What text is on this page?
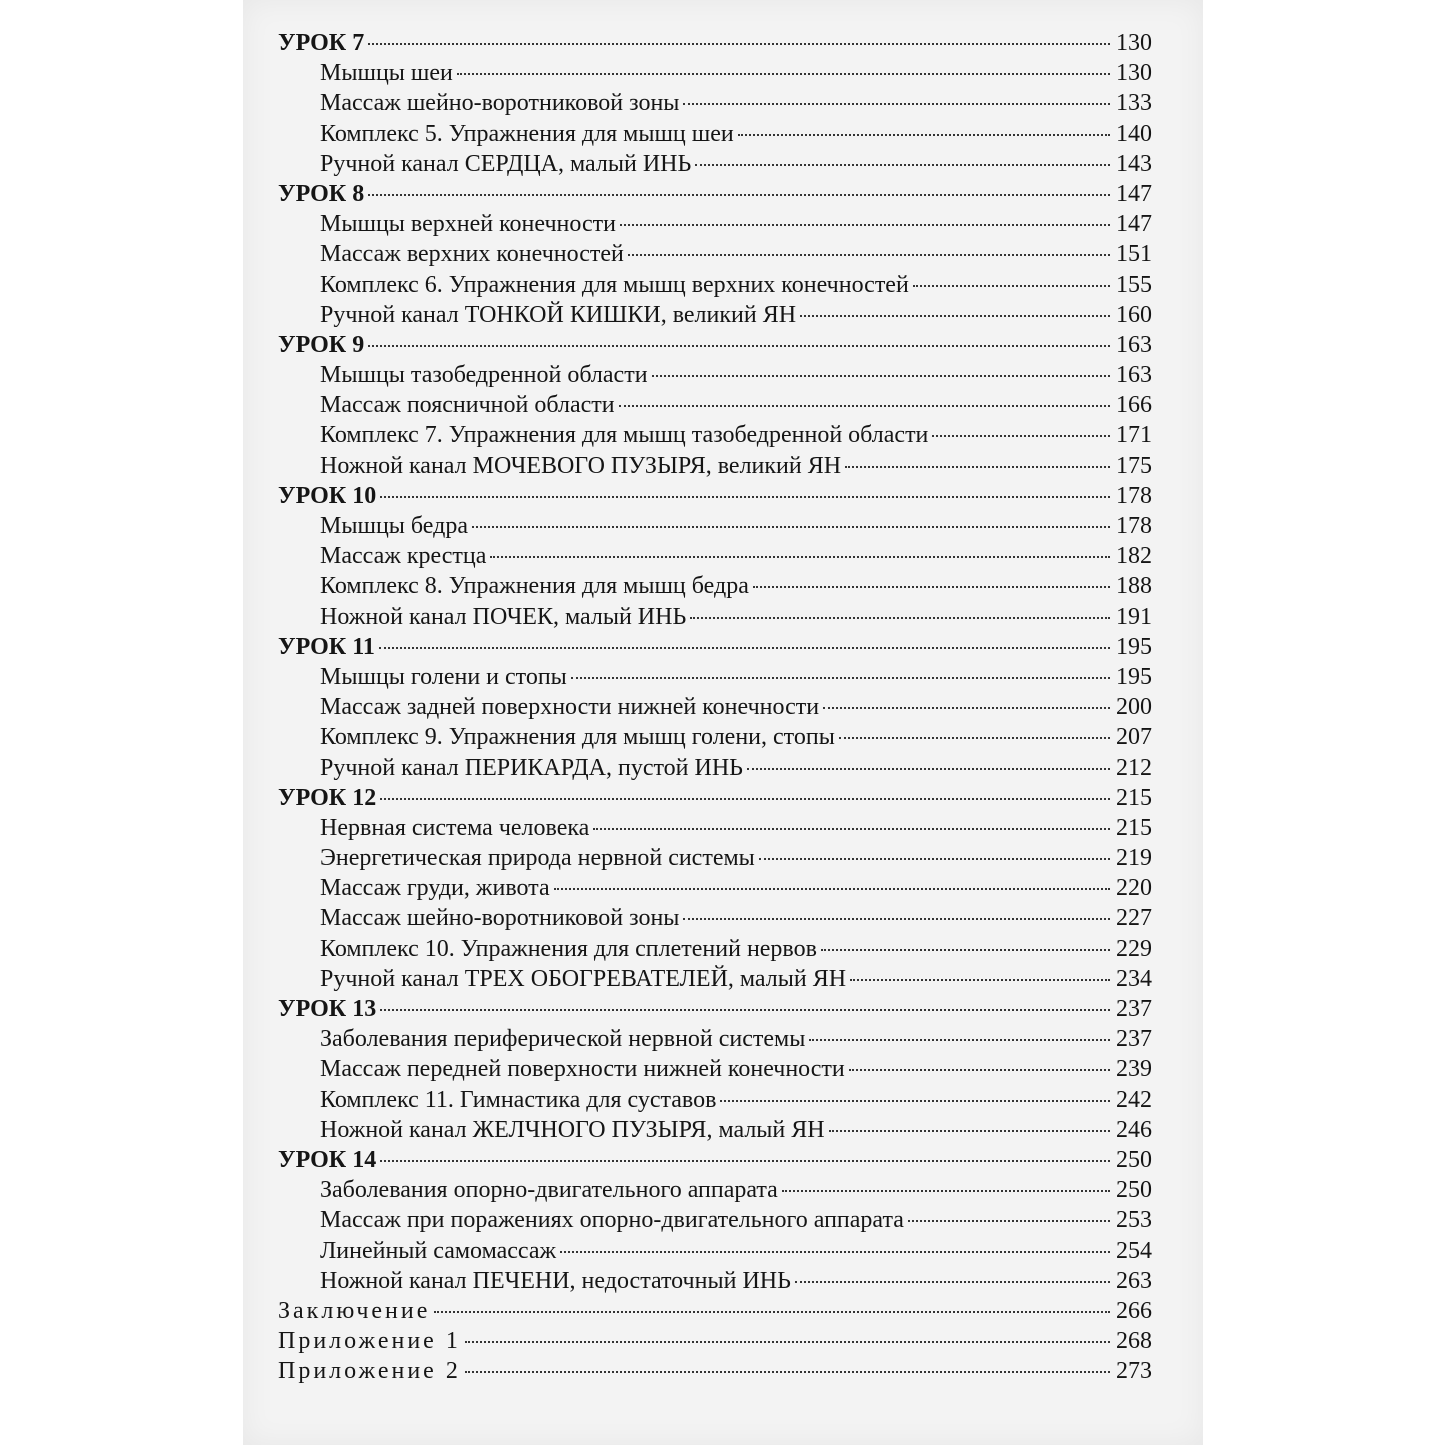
УРОК 7	130
Мышцы шеи	130
Массаж шейно-воротниковой зоны	133
Комплекс 5. Упражнения для мышц шеи	140
Ручной канал СЕРДЦА, малый ИНЬ	143
УРОК 8	147
Мышцы верхней конечности	147
Массаж верхних конечностей	151
Комплекс 6. Упражнения для мышц верхних конечностей	155
Ручной канал ТОНКОЙ КИШКИ, великий ЯН	160
УРОК 9	163
Мышцы тазобедренной области	163
Массаж поясничной области	166
Комплекс 7. Упражнения для мышц тазобедренной области	171
Ножной канал МОЧЕВОГО ПУЗЫРЯ, великий ЯН	175
УРОК 10	178
Мышцы бедра	178
Массаж крестца	182
Комплекс 8. Упражнения для мышц бедра	188
Ножной канал ПОЧЕК, малый ИНЬ	191
УРОК 11	195
Мышцы голени и стопы	195
Массаж задней поверхности нижней конечности	200
Комплекс 9. Упражнения для мышц голени, стопы	207
Ручной канал ПЕРИКАРДА, пустой ИНЬ	212
УРОК 12	215
Нервная система человека	215
Энергетическая природа нервной системы	219
Массаж груди, живота	220
Массаж шейно-воротниковой зоны	227
Комплекс 10. Упражнения для сплетений нервов	229
Ручной канал ТРЕХ ОБОГРЕВАТЕЛЕЙ, малый ЯН	234
УРОК 13	237
Заболевания периферической нервной системы	237
Массаж передней поверхности нижней конечности	239
Комплекс 11. Гимнастика для суставов	242
Ножной канал ЖЕЛЧНОГО ПУЗЫРЯ, малый ЯН	246
УРОК 14	250
Заболевания опорно-двигательного аппарата	250
Массаж при поражениях опорно-двигательного аппарата	253
Линейный самомассаж	254
Ножной канал ПЕЧЕНИ, недостаточный ИНЬ	263
Заключение	266
Приложение 1	268
Приложение 2	273
